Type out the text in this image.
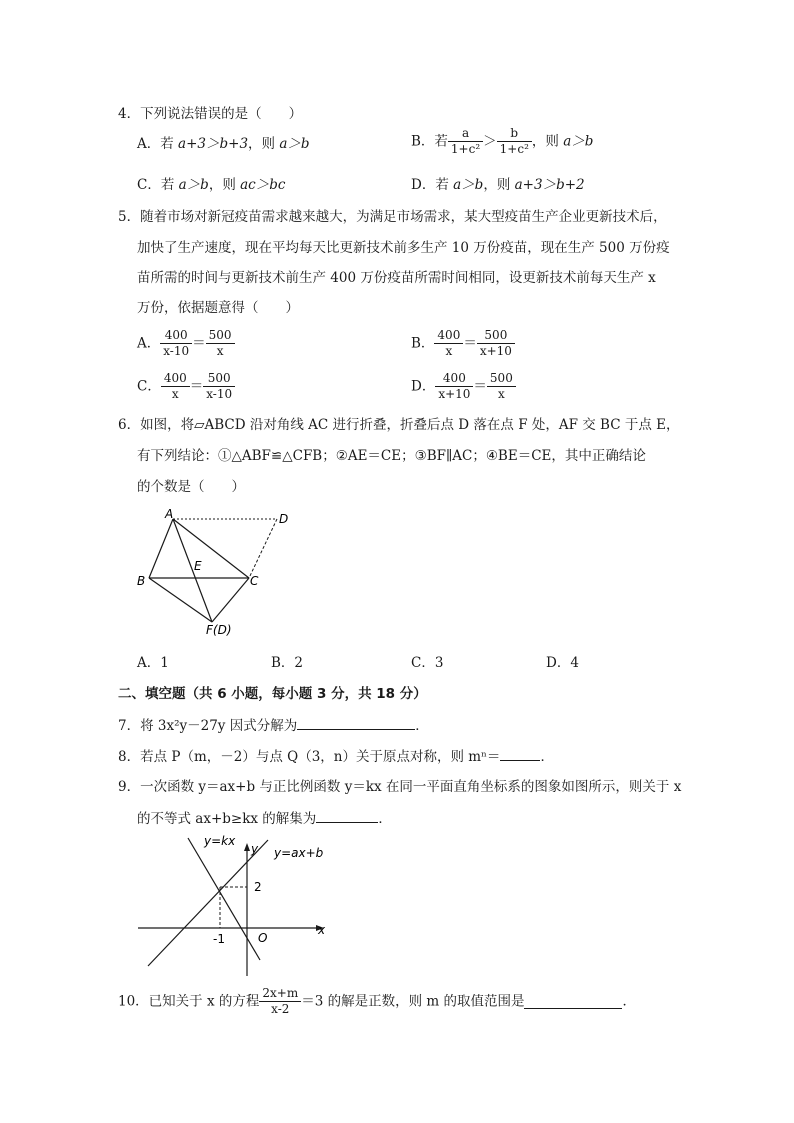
4．下列说法错误的是（　　）
A．若 a+3＞b+3，则 a＞b	B．若 $\frac{a}{\text{1+c²}} > \frac{b}{\text{1+c²}}$ ，则 a＞b
C．若 a＞b，则 ac＞bc	D．若 a＞b，则 a+3＞b+2
5．随着市场对新冠疫苗需求越来越大，为满足市场需求，某大型疫苗生产企业更新技术后，
加快了生产速度，现在平均每天比更新技术前多生产 10 万份疫苗，现在生产 500 万份疫
苗所需的时间与更新技术前生产 400 万份疫苗所需时间相同，设更新技术前每天生产 x
万份，依据题意得（　　）
A． $\frac{400}{x-10} = \frac{500}{x}$	B． $\frac{400}{x} = \frac{500}{x+10}$
C． $\frac{400}{x} = \frac{500}{x-10}$	D． $\frac{400}{x+10} = \frac{500}{x}$
6．如图，将▱ABCD 沿对角线 AC 进行折叠，折叠后点 D 落在点 F 处，AF 交 BC 于点 E，
有下列结论：①△ABF≌△CFB；②AE＝CE；③BF∥AC；④BE＝CE，其中正确结论
的个数是（　　）
A
B	C
D
E
F(D)
A．1	B．2	C．3	D．4
二、填空题（共 6 小题，每小题 3 分，共 18 分）
7．将 3x²y－27y 因式分解为	．
8．若点 P（m，－2）与点 Q（3，n）关于原点对称，则 mⁿ＝	．
9．一次函数 y＝ax+b 与正比例函数 y＝kx 在同一平面直角坐标系的图象如图所示，则关于 x
的不等式 ax+b≥kx 的解集为	．
y=kx
y y=ax+b
2
-1	O
x
10．已知关于 x 的方程 $\frac{2x+m}{x-2} =3$ 的解是正数，则 m 的取值范围是	．
